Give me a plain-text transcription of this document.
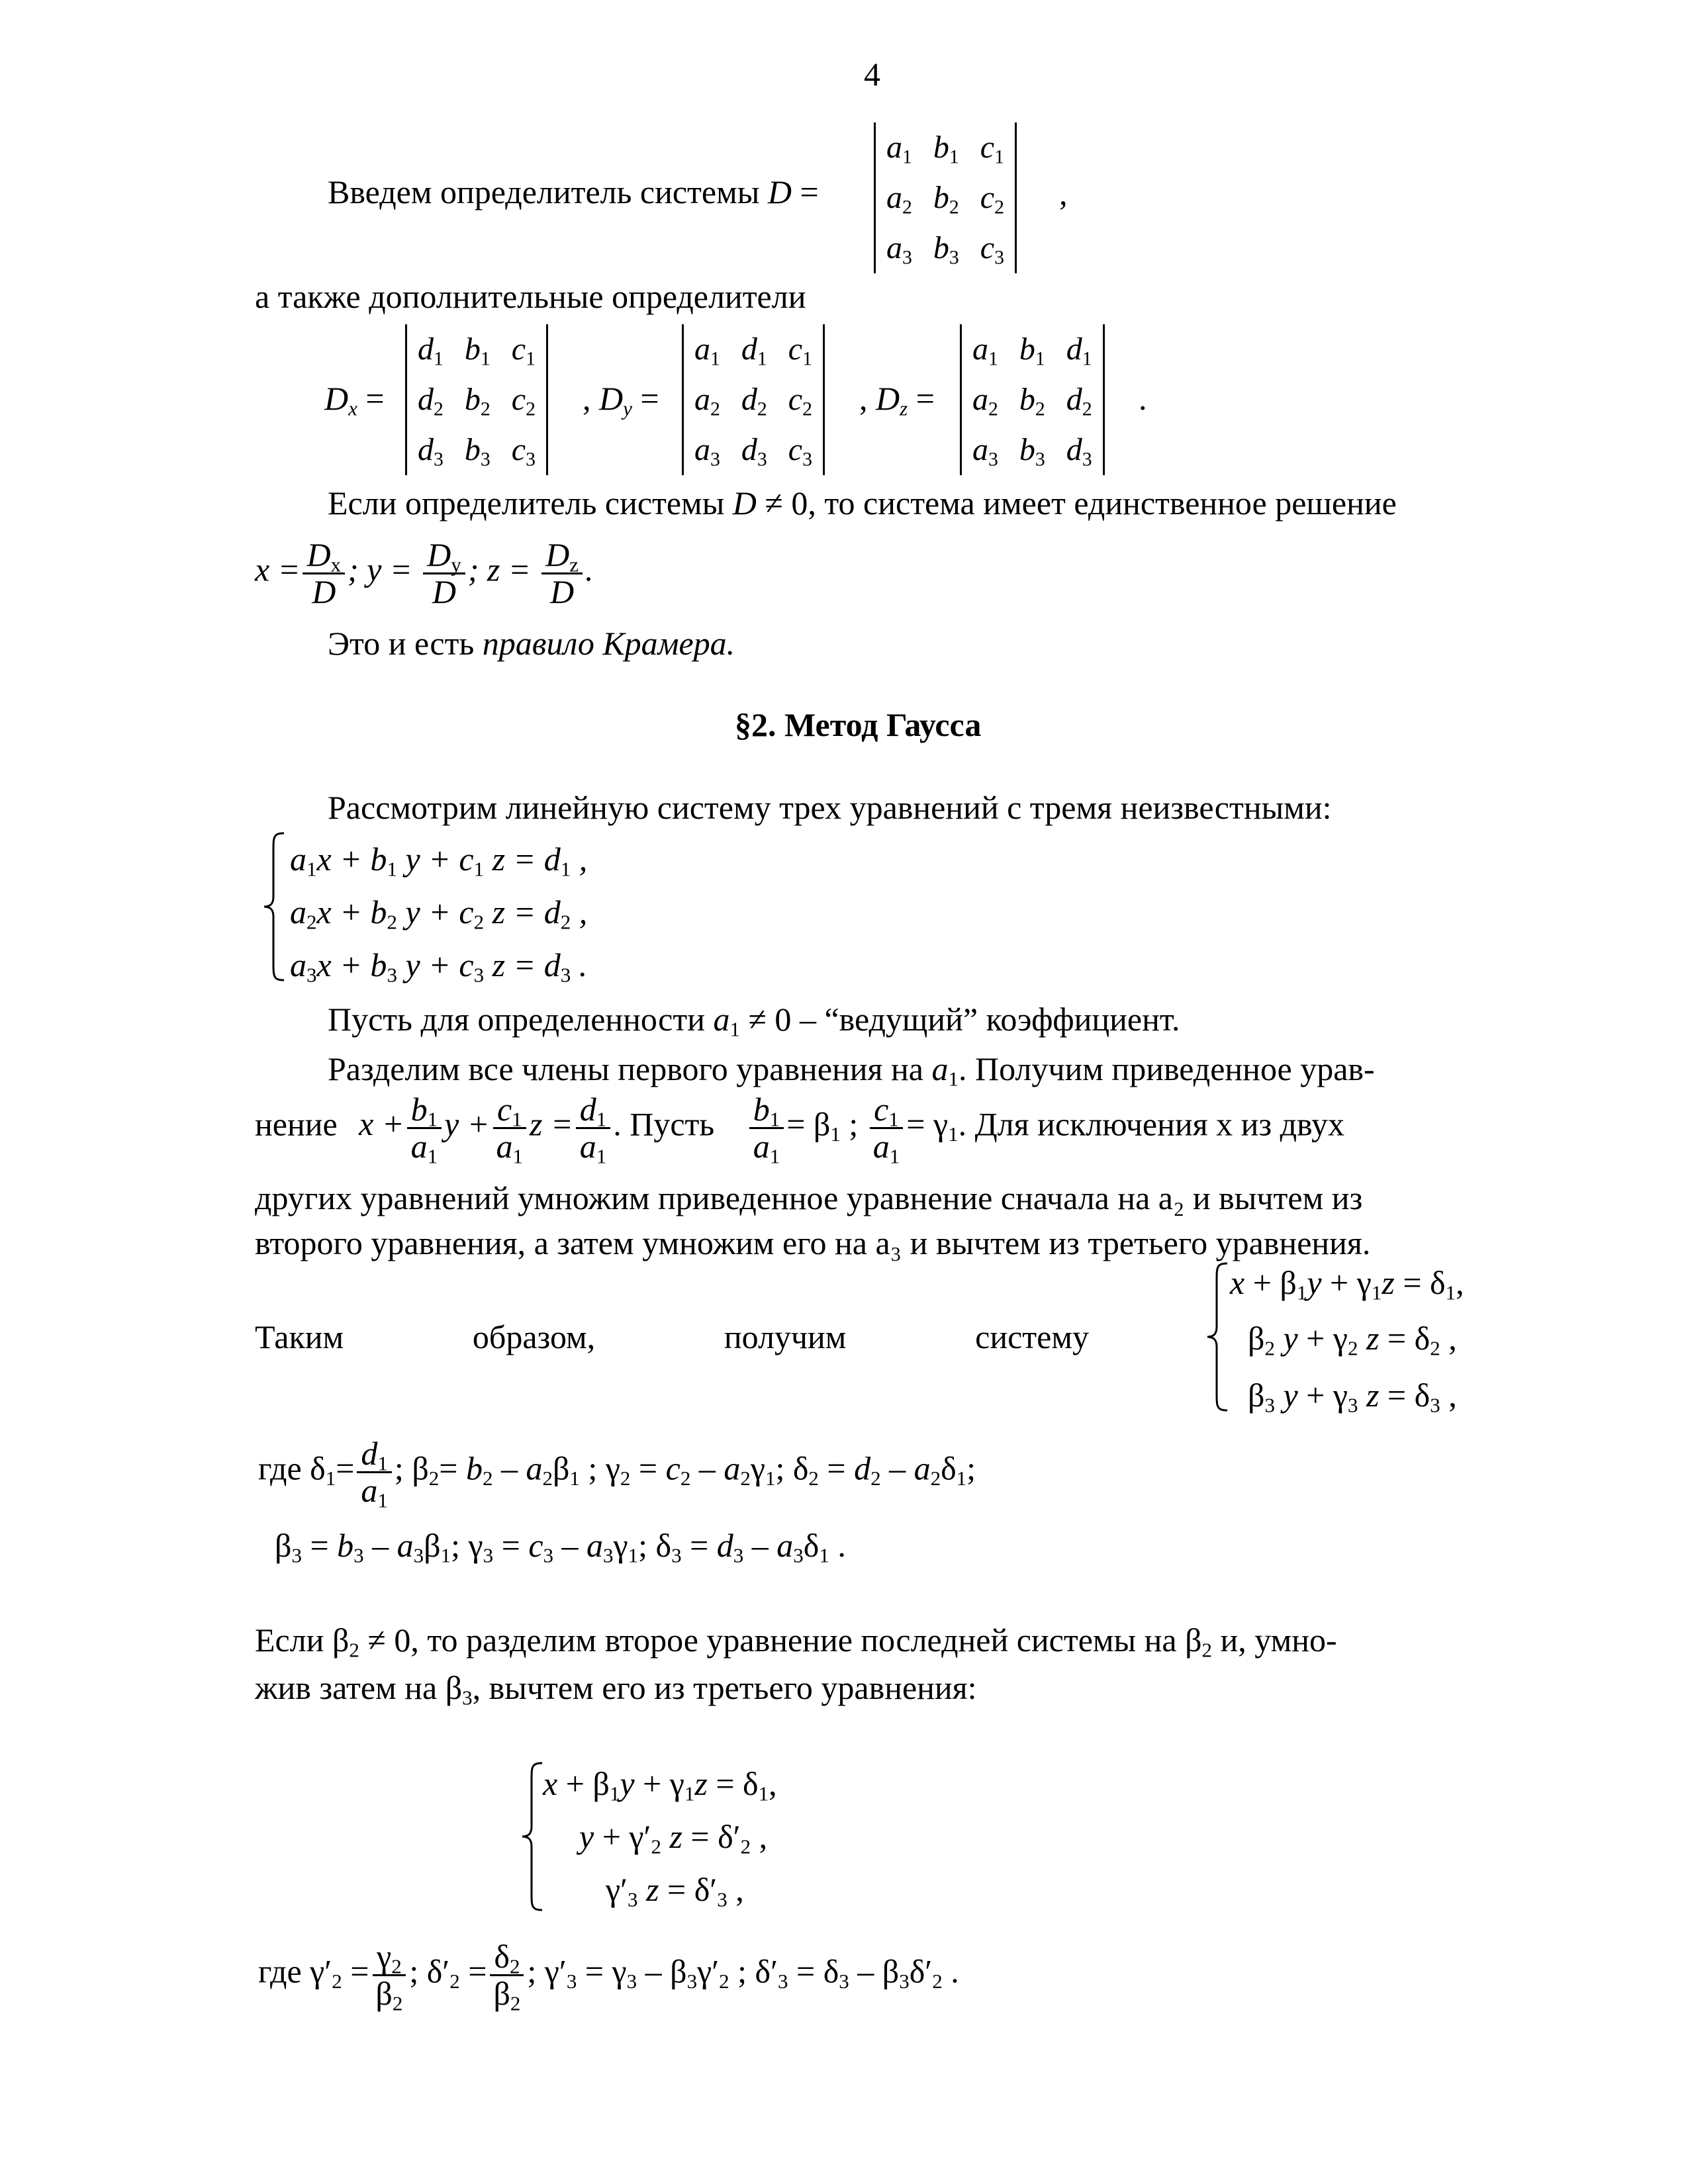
4
Введем определитель системы D =
$a_1$	$b_1$	$c_1$
$a_2$	$b_2$	$c_2$
$a_3$	$b_3$	$c_3$
,
а также дополнительные определители
$D_x$ =
$d_1$	$b_1$	$c_1$
$d_2$	$b_2$	$c_2$
$d_3$	$b_3$	$c_3$
, $D_y$ =
$a_1$	$d_1$	$c_1$
$a_2$	$d_2$	$c_2$
$a_3$	$d_3$	$c_3$
, $D_z$ =
$a_1$	$b_1$	$d_1$
$a_2$	$b_2$	$d_2$
$a_3$	$b_3$	$d_3$
.
Если определитель системы D ≠ 0, то система имеет единственное решение
$x = \frac{D_x}{D}$ ; $y = \frac{D_y}{D}$ ; $z = \frac{D_z}{D}$ .
Это и есть правило Крамера.
§2. Метод Гаусса
Рассмотрим линейную систему трех уравнений с тремя неизвестными:
$a_1x + b_1$ $y + c_1$ $z = d_1$ ,
$a_2x + b_2$ $y + c_2$ $z = d_2$ ,
$a_3x + b_3$ $y + c_3$ $z = d_3$ .
Пусть для определенности $a_1 \ne 0$ – “ведущий” коэффициент.
Разделим все члены первого уравнения на $a_1$. Получим приведенное урав-
нение $x + \frac{b_1}{a_1}$ $y + \frac{c_1}{a_1}$ $z = \frac{d_1}{a_1}$ . Пусть $\frac{b_1}{a_1} = \beta_1$ ; $\frac{c_1}{a_1} = \gamma_1$. Для исключения x из двух
других уравнений умножим приведенное уравнение сначала на a₂ и вычтем из
второго уравнения, а затем умножим его на a₃ и вычтем из третьего уравнения.
Таким	образом,	получим	систему
$x + \beta_1y + \gamma_1z = \delta_1$,
$\beta_2$ $y + \gamma_2$ $z = \delta_2$ ,
$\beta_3$ $y + \gamma_3$ $z = \delta_3$ ,
где $\delta_1= \frac{d_1}{a_1}$ ; $\beta_2= b_2 - a_2\beta_1$ ; $\gamma_2 = c_2 - a_2\gamma_1$; $\delta_2 = d_2 - a_2\delta_1$;
$\beta_3 = b_3 - a_3\beta_1$; $\gamma_3 = c_3 - a_3\gamma_1$; $\delta_3 = d_3 - a_3\delta_1$ .
Если $\beta_2 \ne 0$, то разделим второе уравнение последней системы на $\beta_2$ и, умно-
жив затем на $\beta_3$, вычтем его из третьего уравнения:
$x + \beta_1y + \gamma_1z = \delta_1$,
$y + \gamma'_2$ $z = \delta'_2$ ,
$\gamma'_3$ $z = \delta'_3$ ,
где $\gamma'_2 = \frac{\gamma_2}{\beta_2}$ ; $\delta'_2 = \frac{\delta_2}{\beta_2}$ ; $\gamma'_3 = \gamma_3 - \beta_3\gamma'_2$ ; $\delta'_3 = \delta_3 - \beta_3\delta'_2$ .
